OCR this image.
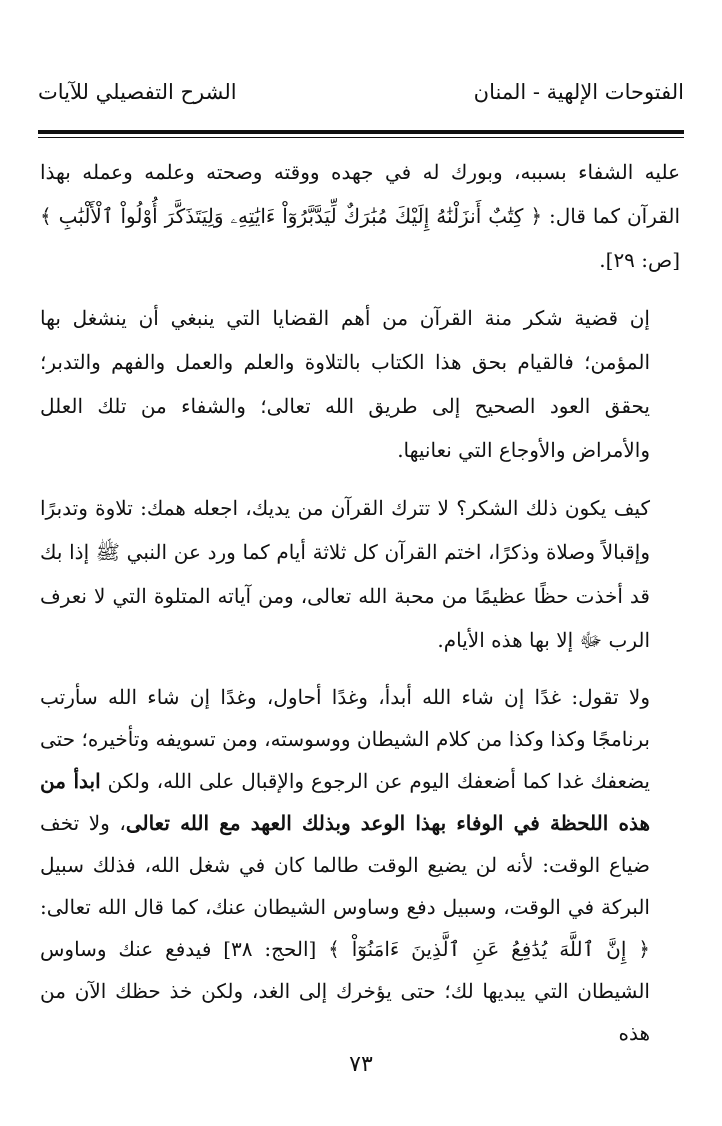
الفتوحات الإلهية - المنان
الشرح التفصيلي للآيات

عليه الشفاء بسببه، وبورك له في جهده ووقته وصحته وعلمه وعمله بهذا القرآن كما قال: ﴿ كِتَٰبٌ أَنزَلْنَٰهُ إِلَيْكَ مُبَٰرَكٌ لِّيَدَّبَّرُوٓاْ ءَايَٰتِهِۦ وَلِيَتَذَكَّرَ أُوْلُواْ ٱلْأَلْبَٰبِ ﴾ [ص: ٢٩].

إن قضية شكر منة القرآن من أهم القضايا التي ينبغي أن ينشغل بها المؤمن؛ فالقيام بحق هذا الكتاب بالتلاوة والعلم والعمل والفهم والتدبر؛ يحقق العود الصحيح إلى طريق الله تعالى؛ والشفاء من تلك العلل والأمراض والأوجاع التي نعانيها.

كيف يكون ذلك الشكر؟ لا تترك القرآن من يديك، اجعله همك: تلاوة وتدبرًا وإقبالاً وصلاة وذكرًا، اختم القرآن كل ثلاثة أيام كما ورد عن النبي ﷺ إذا بك قد أخذت حظًا عظيمًا من محبة الله تعالى، ومن آياته المتلوة التي لا نعرف الرب ﷻ إلا بها هذه الأيام.

ولا تقول: غدًا إن شاء الله أبدأ، وغدًا أحاول، وغدًا إن شاء الله سأرتب برنامجًا وكذا وكذا من كلام الشيطان ووسوسته، ومن تسويفه وتأخيره؛ حتى يضعفك غدا كما أضعفك اليوم عن الرجوع والإقبال على الله، ولكن ابدأ من هذه اللحظة في الوفاء بهذا الوعد وبذلك العهد مع الله تعالى، ولا تخف ضياع الوقت: لأنه لن يضيع الوقت طالما كان في شغل الله، فذلك سبيل البركة في الوقت، وسبيل دفع وساوس الشيطان عنك، كما قال الله تعالى: ﴿ إِنَّ ٱللَّهَ يُدَٰفِعُ عَنِ ٱلَّذِينَ ءَامَنُوٓاْ ﴾ [الحج: ٣٨] فيدفع عنك وساوس الشيطان التي يبديها لك؛ حتى يؤخرك إلى الغد، ولكن خذ حظك الآن من هذه

٧٣
